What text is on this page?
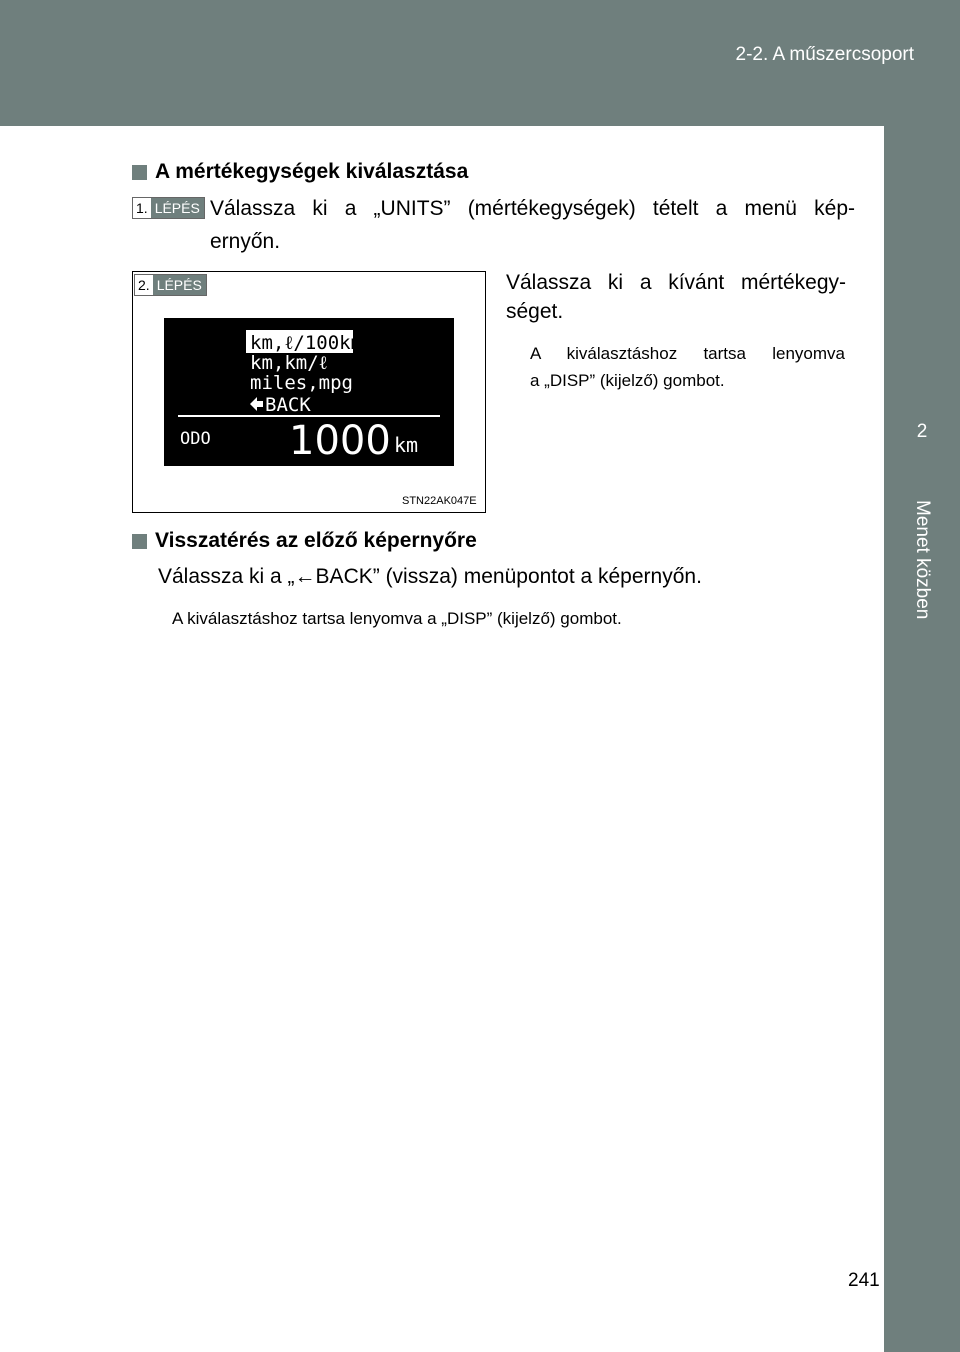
2-2. A műszercsoport
2
Menet közben
A mértékegységek kiválasztása
1. LÉPÉS Válassza ki a „UNITS” (mértékegységek) tételt a menü kép-
ernyőn.
2. LÉPÉS
km,ℓ/100km
km,km/ℓ
miles,mpg
BACK
ODO 1000 km
STN22AK047E
Válassza ki a kívánt mértékegy-
séget.
A kiválasztáshoz tartsa lenyomva
a „DISP” (kijelző) gombot.
Visszatérés az előző képernyőre
Válassza ki a „←BACK” (vissza) menüpontot a képernyőn.
A kiválasztáshoz tartsa lenyomva a „DISP” (kijelző) gombot.
241
